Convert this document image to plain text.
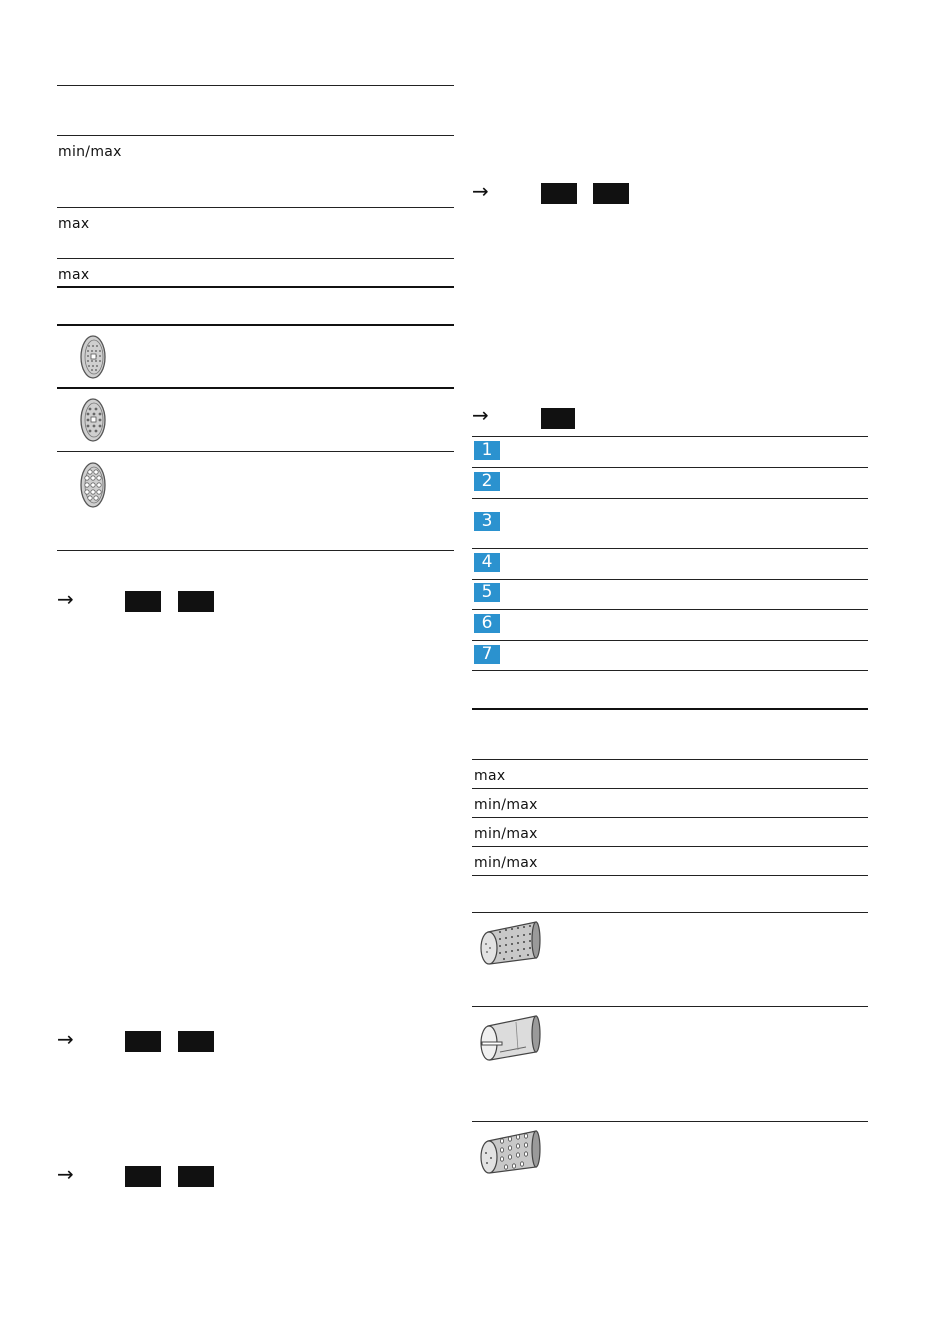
min/max
max
max
→
→
→
→
→
1
2
3
4
5
6
7
max
min/max
min/max
min/max
